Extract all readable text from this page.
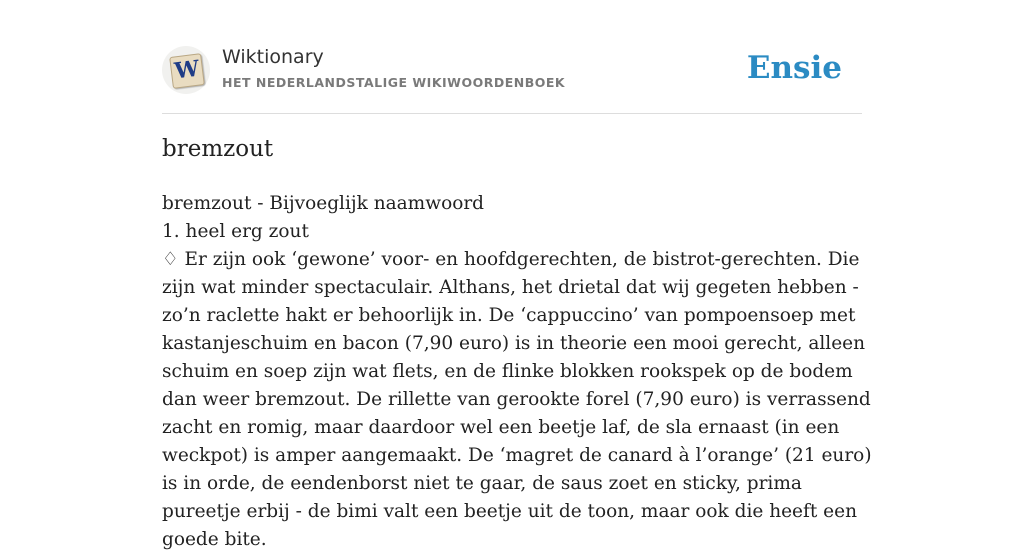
W Wiktionary
HET NEDERLANDSTALIGE WIKIWOORDENBOEK	Ensie
bremzout

bremzout - Bijvoeglijk naamwoord

1. heel erg zout

♢ Er zijn ook ‘gewone’ voor- en hoofdgerechten, de bistrot-gerechten. Die zijn wat minder spectaculair. Althans, het drietal dat wij gegeten hebben - zo’n raclette hakt er behoorlijk in. De ‘cappuccino’ van pompoensoep met kastanjeschuim en bacon (7,90 euro) is in theorie een mooi gerecht, alleen schuim en soep zijn wat flets, en de flinke blokken rookspek op de bodem dan weer bremzout. De rillette van gerookte forel (7,90 euro) is verrassend zacht en romig, maar daardoor wel een beetje laf, de sla ernaast (in een weckpot) is amper aangemaakt. De ‘magret de canard à l’orange’ (21 euro) is in orde, de eendenborst niet te gaar, de saus zoet en sticky, prima pureetje erbij - de bimi valt een beetje uit de toon, maar ook die heeft een goede bite.
